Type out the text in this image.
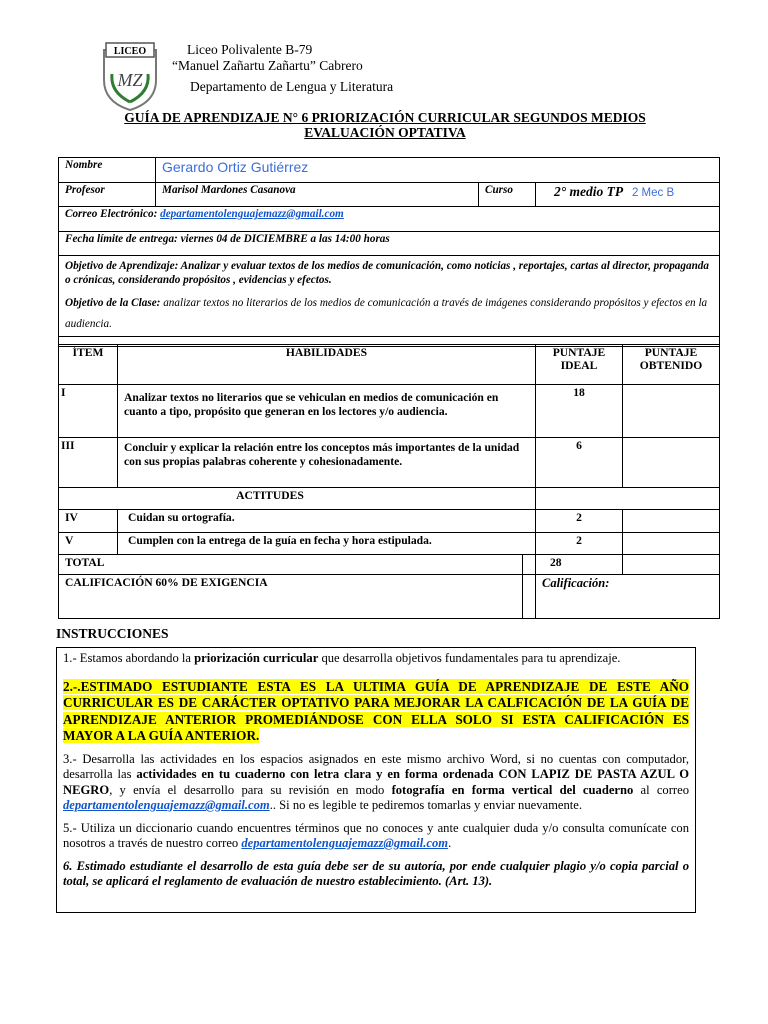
LICEO
MZ
Liceo Polivalente B-79
“Manuel Zañartu Zañartu” Cabrero
Departamento de Lengua y Literatura
GUÍA DE APRENDIZAJE N° 6 PRIORIZACIÓN CURRICULAR SEGUNDOS MEDIOS
EVALUACIÓN OPTATIVA
Nombre	Gerardo Ortiz Gutiérrez		
Profesor	Marisol Mardones Casanova	Curso	2° medio TP 2 Mec B
Correo Electrónico: departamentolenguajemazz@gmail.com			
Fecha límite de entrega: viernes 04 de DICIEMBRE a las 14:00 horas			

Objetivo de Aprendizaje: Analizar y evaluar textos de los medios de comunicación, como noticias , reportajes, cartas al director, propaganda o crónicas, considerando propósitos , evidencias y efectos.
Objetivo de la Clase: analizar textos no literarios de los medios de comunicación a través de imágenes considerando propósitos y efectos en la audiencia.			

ÍTEM	HABILIDADES		PUNTAJE IDEAL	PUNTAJE OBTENIDO
I	Analizar textos no literarios que se vehiculan en medios de comunicación en cuanto a tipo, propósito que generan en los lectores y/o audiencia.		18	
III	Concluir y explicar la relación entre los conceptos más importantes de la unidad con sus propias palabras coherente y cohesionadamente.		6	
ACTITUDES				
IV	Cuidan su ortografía.		2	
V	Cumplen con la entrega de la guía en fecha y hora estipulada.		2	
TOTAL			28	
CALIFICACIÓN 60% DE EXIGENCIA			Calificación:	
INSTRUCCIONES

1.- Estamos abordando la priorización curricular que desarrolla objetivos fundamentales para tu aprendizaje.

2.-.ESTIMADO ESTUDIANTE ESTA ES LA ULTIMA GUÍA DE APRENDIZAJE DE ESTE AÑO CURRICULAR ES DE CARÁCTER OPTATIVO PARA MEJORAR LA CALFICACIÓN DE LA GUÍA DE APRENDIZAJE ANTERIOR PROMEDIÁNDOSE CON ELLA SOLO SI ESTA CALIFICACIÓN ES MAYOR A LA GUÍA ANTERIOR.

3.- Desarrolla las actividades en los espacios asignados en este mismo archivo Word, si no cuentas con computador, desarrolla las actividades en tu cuaderno con letra clara y en forma ordenada CON LAPIZ DE PASTA AZUL O NEGRO, y envía el desarrollo para su revisión en modo fotografía en forma vertical del cuaderno al correo departamentolenguajemazz@gmail.com.. Si no es legible te pediremos tomarlas y enviar nuevamente.

5.- Utiliza un diccionario cuando encuentres términos que no conoces y ante cualquier duda y/o consulta comunícate con nosotros a través de nuestro correo departamentolenguajemazz@gmail.com.

6. Estimado estudiante el desarrollo de esta guía debe ser de su autoría, por ende cualquier plagio y/o copia parcial o total, se aplicará el reglamento de evaluación de nuestro establecimiento. (Art. 13).
